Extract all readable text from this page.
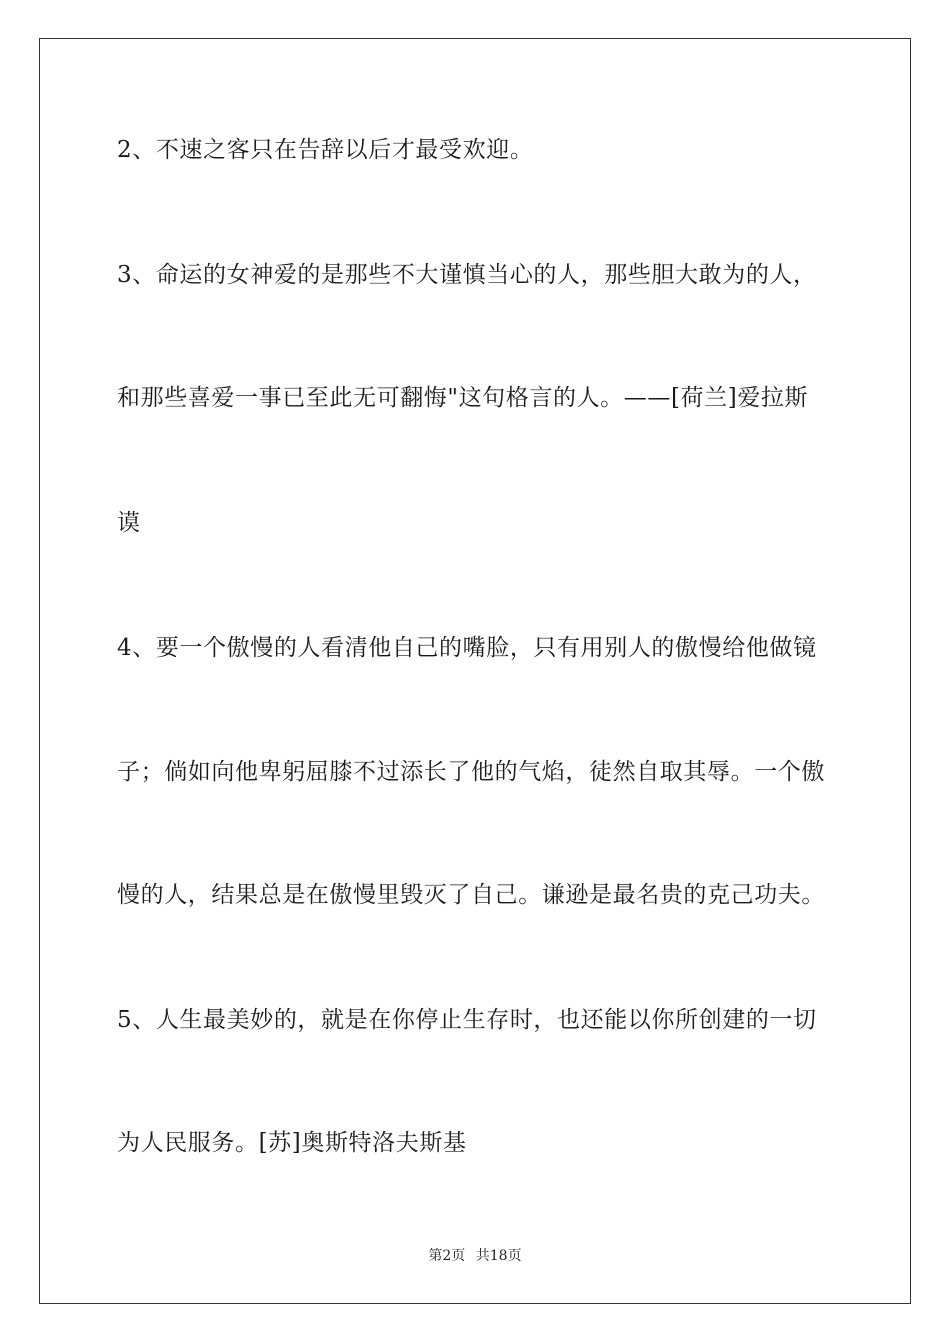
2、不速之客只在告辞以后才最受欢迎。
3、命运的女神爱的是那些不大谨慎当心的人，那些胆大敢为的人，
和那些喜爱一事已至此无可翻悔"这句格言的人。——[荷兰]爱拉斯
谟
4、要一个傲慢的人看清他自己的嘴脸，只有用别人的傲慢给他做镜
子；倘如向他卑躬屈膝不过添长了他的气焰，徒然自取其辱。一个傲
慢的人，结果总是在傲慢里毁灭了自己。谦逊是最名贵的克己功夫。
5、人生最美妙的，就是在你停止生存时，也还能以你所创建的一切
为人民服务。[苏]奥斯特洛夫斯基
第2页 共18页
